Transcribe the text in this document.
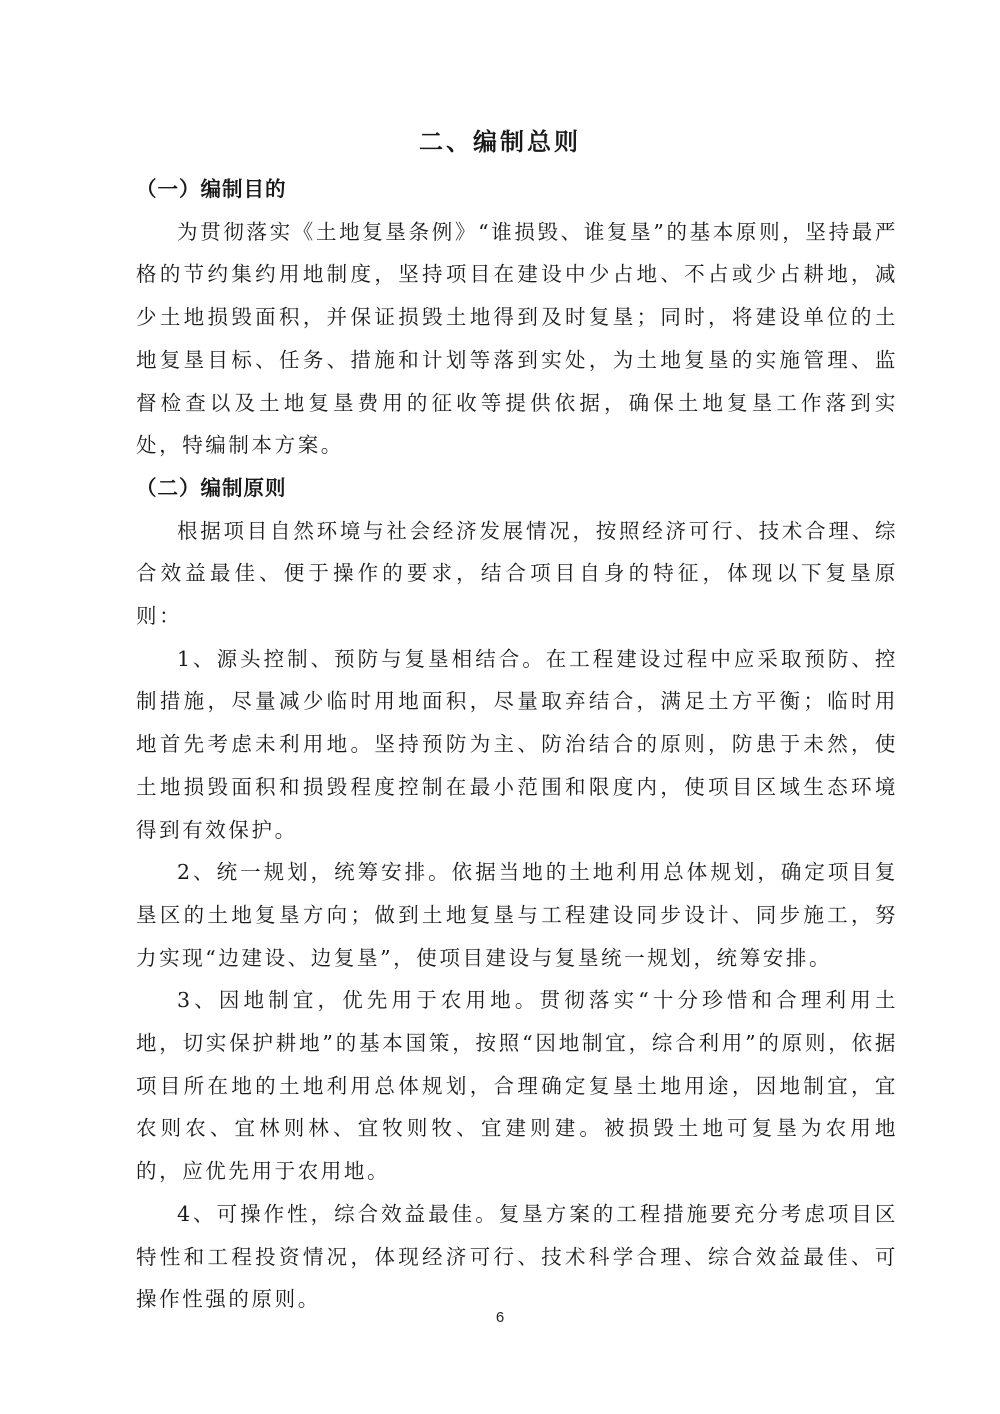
二、编制总则

（一）编制目的

为贯彻落实《土地复垦条例》“谁损毁、谁复垦”的基本原则，坚持最严格的节约集约用地制度，坚持项目在建设中少占地、不占或少占耕地，减少土地损毁面积，并保证损毁土地得到及时复垦；同时，将建设单位的土地复垦目标、任务、措施和计划等落到实处，为土地复垦的实施管理、监督检查以及土地复垦费用的征收等提供依据，确保土地复垦工作落到实处，特编制本方案。

（二）编制原则

根据项目自然环境与社会经济发展情况，按照经济可行、技术合理、综合效益最佳、便于操作的要求，结合项目自身的特征，体现以下复垦原则：

1、源头控制、预防与复垦相结合。在工程建设过程中应采取预防、控制措施，尽量减少临时用地面积，尽量取弃结合，满足土方平衡；临时用地首先考虑未利用地。坚持预防为主、防治结合的原则，防患于未然，使土地损毁面积和损毁程度控制在最小范围和限度内，使项目区域生态环境得到有效保护。

2、统一规划，统筹安排。依据当地的土地利用总体规划，确定项目复垦区的土地复垦方向；做到土地复垦与工程建设同步设计、同步施工，努力实现“边建设、边复垦”，使项目建设与复垦统一规划，统筹安排。

3、因地制宜，优先用于农用地。贯彻落实“十分珍惜和合理利用土地，切实保护耕地”的基本国策，按照“因地制宜，综合利用”的原则，依据项目所在地的土地利用总体规划，合理确定复垦土地用途，因地制宜，宜农则农、宜林则林、宜牧则牧、宜建则建。被损毁土地可复垦为农用地的，应优先用于农用地。

4、可操作性，综合效益最佳。复垦方案的工程措施要充分考虑项目区特性和工程投资情况，体现经济可行、技术科学合理、综合效益最佳、可操作性强的原则。

6
